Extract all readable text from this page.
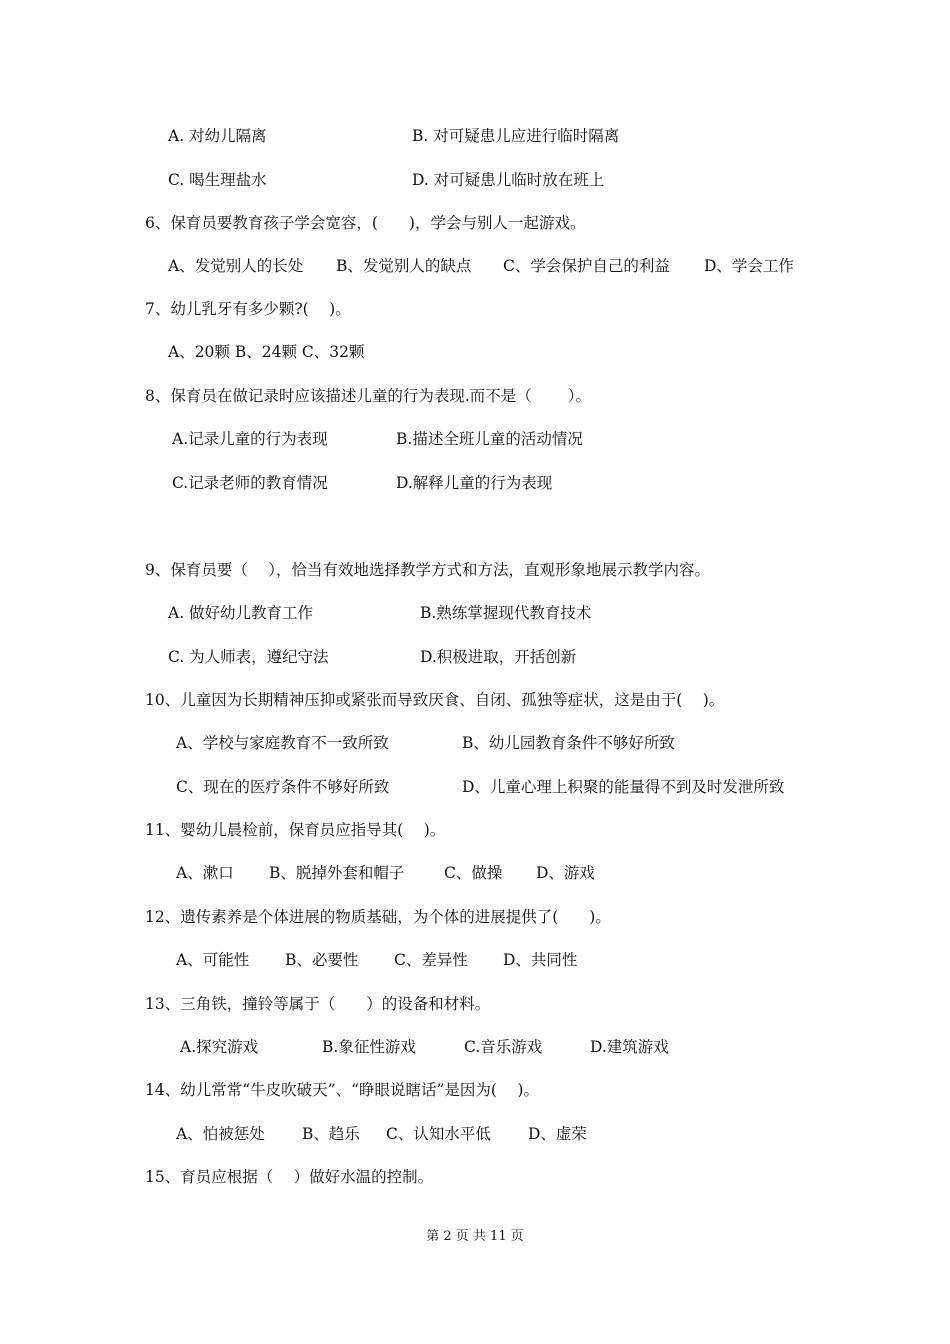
A. 对幼儿隔离	B. 对可疑患儿应进行临时隔离
C. 喝生理盐水	D. 对可疑患儿临时放在班上
6、保育员要教育孩子学会宽容，(　　)，学会与别人一起游戏。
A、发觉别人的长处 B、发觉别人的缺点 C、学会保护自己的利益 D、学会工作
7、幼儿乳牙有多少颗?(　 )。
A、20颗 B、24颗 C、32颗
8、保育员在做记录时应该描述儿童的行为表现.而不是（　　 ）。
A.记录儿童的行为表现	B.描述全班儿童的活动情况
C.记录老师的教育情况	D.解释儿童的行为表现
9、保育员要（　 ），恰当有效地选择教学方式和方法，直观形象地展示教学内容。
A. 做好幼儿教育工作	B.熟练掌握现代教育技术
C. 为人师表，遵纪守法	D.积极进取，开括创新
10、儿童因为长期精神压抑或紧张而导致厌食、自闭、孤独等症状，这是由于(　 )。
A、学校与家庭教育不一致所致	B、幼儿园教育条件不够好所致
C、现在的医疗条件不够好所致	D、儿童心理上积聚的能量得不到及时发泄所致
11、婴幼儿晨检前，保育员应指导其(　 )。
A、漱口 B、脱掉外套和帽子	C、做操 D、游戏
12、遗传素养是个体进展的物质基础，为个体的进展提供了(　　)。
A、可能性 B、必要性 C、差异性 D、共同性
13、三角铁，撞铃等属于（　　）的设备和材料。
A.探究游戏	B.象征性游戏	C.音乐游戏	D.建筑游戏
14、幼儿常常“牛皮吹破天”、“睁眼说瞎话”是因为(　 )。
A、怕被惩处 B、趋乐 C、认知水平低 D、虚荣
15、育员应根据（　 ）做好水温的控制。
第 2 页 共 11 页
